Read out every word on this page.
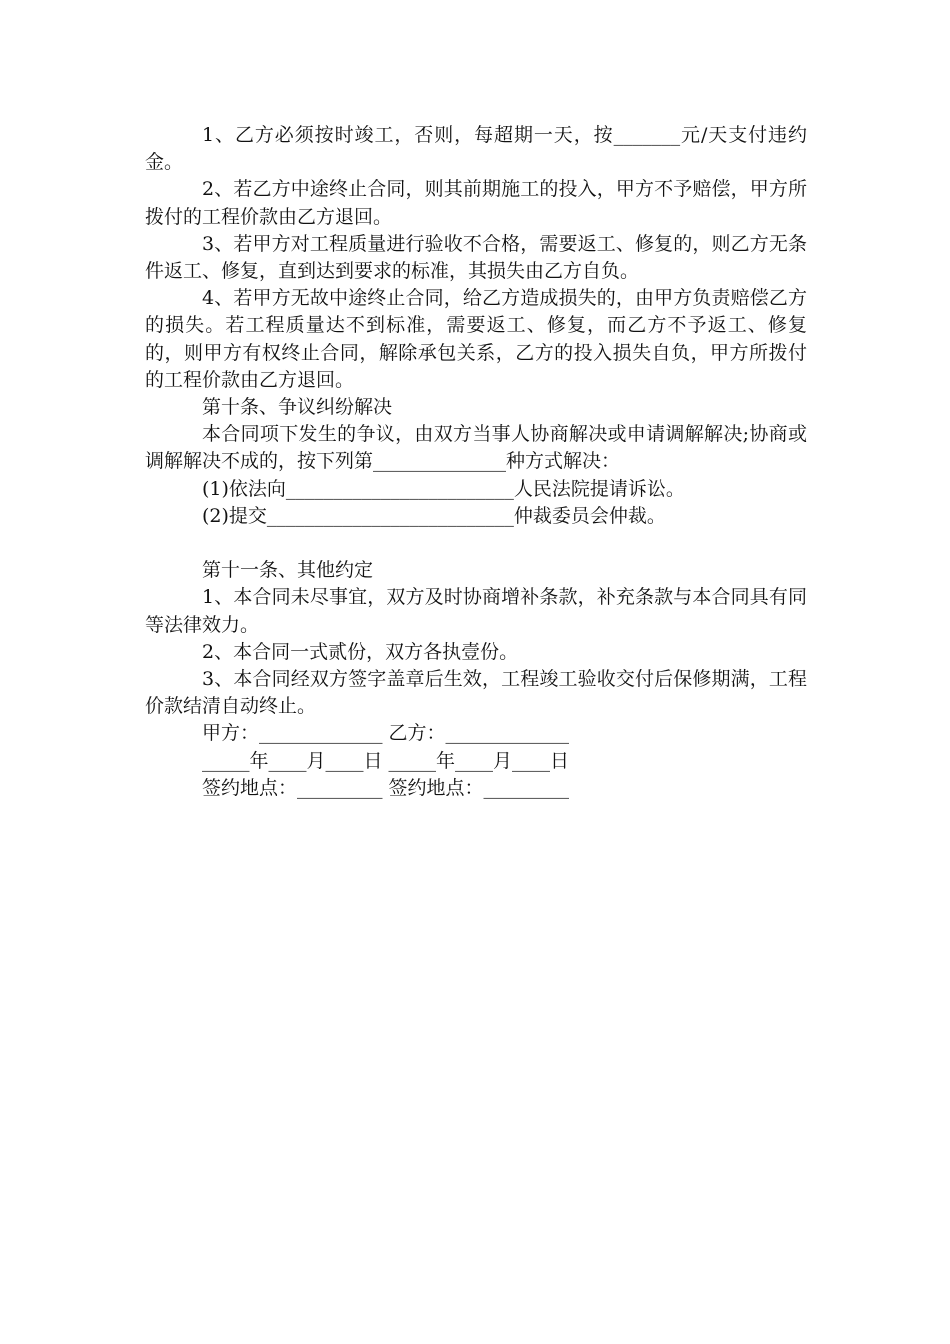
1、乙方必须按时竣工，否则，每超期一天，按_______元/天支付违约金。

2、若乙方中途终止合同，则其前期施工的投入，甲方不予赔偿，甲方所拨付的工程价款由乙方退回。

3、若甲方对工程质量进行验收不合格，需要返工、修复的，则乙方无条件返工、修复，直到达到要求的标准，其损失由乙方自负。

4、若甲方无故中途终止合同，给乙方造成损失的，由甲方负责赔偿乙方的损失。若工程质量达不到标准，需要返工、修复，而乙方不予返工、修复的，则甲方有权终止合同，解除承包关系，乙方的投入损失自负，甲方所拨付的工程价款由乙方退回。

第十条、争议纠纷解决

本合同项下发生的争议，由双方当事人协商解决或申请调解解决;协商或调解解决不成的，按下列第______________种方式解决：

(1)依法向________________________人民法院提请诉讼。

(2)提交__________________________仲裁委员会仲裁。

第十一条、其他约定

1、本合同未尽事宜，双方及时协商增补条款，补充条款与本合同具有同等法律效力。

2、本合同一式贰份，双方各执壹份。

3、本合同经双方签字盖章后生效，工程竣工验收交付后保修期满，工程价款结清自动终止。

甲方：_____________ 乙方：_____________

_____年____月____日 _____年____月____日

签约地点：_________ 签约地点：_________
